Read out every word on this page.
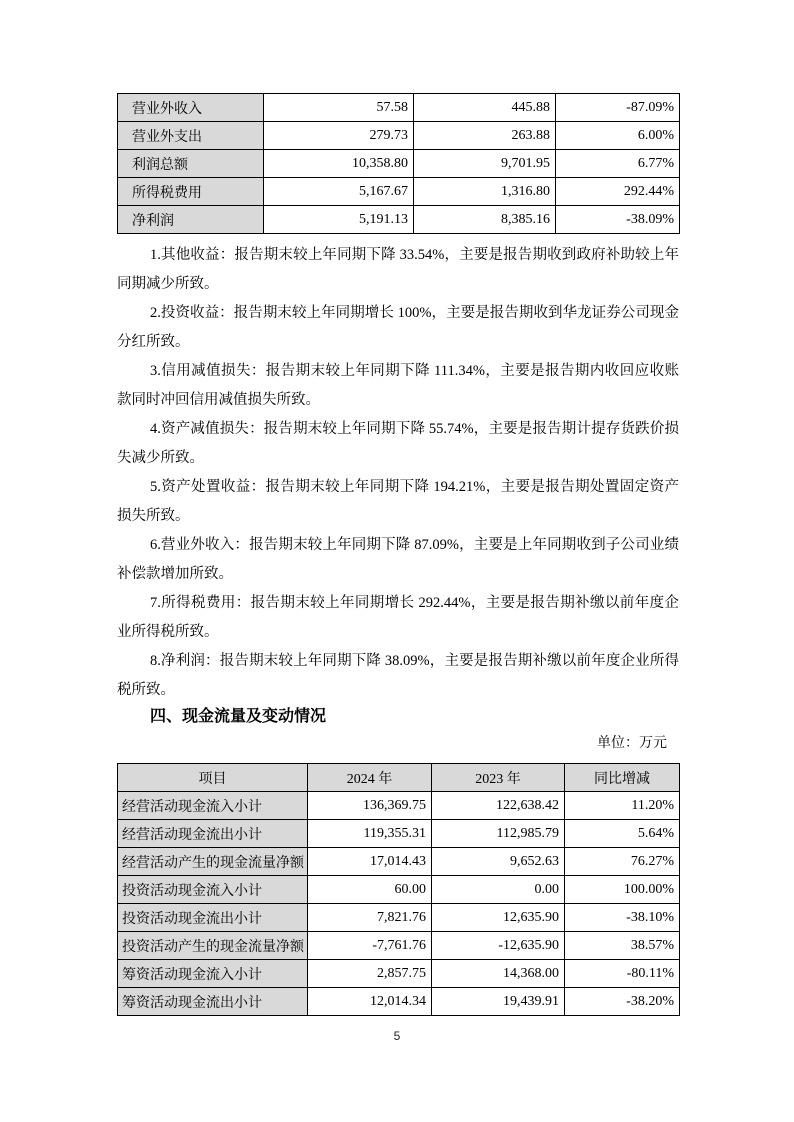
营业外收入	57.58	445.88	-87.09%
营业外支出	279.73	263.88	6.00%
利润总额	10,358.80	9,701.95	6.77%
所得税费用	5,167.67	1,316.80	292.44%
净利润	5,191.13	8,385.16	-38.09%

1.其他收益：报告期末较上年同期下降 33.54%，主要是报告期收到政府补助较上年同期减少所致。

2.投资收益：报告期末较上年同期增长 100%，主要是报告期收到华龙证券公司现金分红所致。

3.信用减值损失：报告期末较上年同期下降 111.34%，主要是报告期内收回应收账款同时冲回信用减值损失所致。

4.资产减值损失：报告期末较上年同期下降 55.74%，主要是报告期计提存货跌价损失减少所致。

5.资产处置收益：报告期末较上年同期下降 194.21%，主要是报告期处置固定资产损失所致。

6.营业外收入：报告期末较上年同期下降 87.09%，主要是上年同期收到子公司业绩补偿款增加所致。

7.所得税费用：报告期末较上年同期增长 292.44%，主要是报告期补缴以前年度企业所得税所致。

8.净利润：报告期末较上年同期下降 38.09%，主要是报告期补缴以前年度企业所得税所致。

四、现金流量及变动情况
单位：万元
项目	2024 年	2023 年	同比增减
经营活动现金流入小计	136,369.75	122,638.42	11.20%
经营活动现金流出小计	119,355.31	112,985.79	5.64%
经营活动产生的现金流量净额	17,014.43	9,652.63	76.27%
投资活动现金流入小计	60.00	0.00	100.00%
投资活动现金流出小计	7,821.76	12,635.90	-38.10%
投资活动产生的现金流量净额	-7,761.76	-12,635.90	38.57%
筹资活动现金流入小计	2,857.75	14,368.00	-80.11%
筹资活动现金流出小计	12,014.34	19,439.91	-38.20%
5
